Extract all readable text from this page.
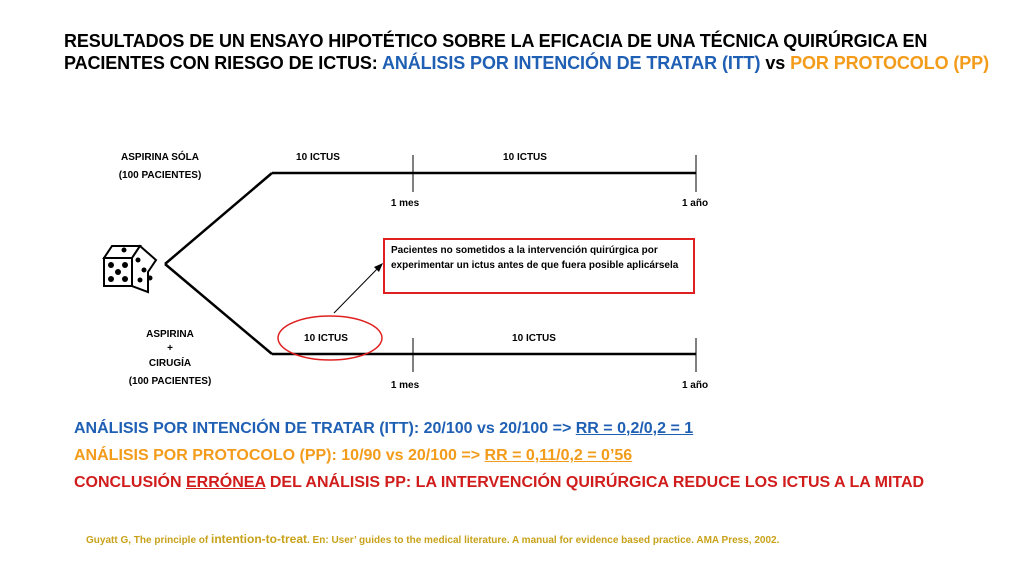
RESULTADOS DE UN ENSAYO HIPOTÉTICO SOBRE LA EFICACIA DE UNA TÉCNICA QUIRÚRGICA EN PACIENTES CON RIESGO DE ICTUS: ANÁLISIS POR INTENCIÓN DE TRATAR (ITT) vs POR PROTOCOLO (PP)
ASPIRINA SÓLA
(100 PACIENTES)
10 ICTUS	10 ICTUS
1 mes	1 año
Pacientes no sometidos a la intervención quirúrgica por experimentar un ictus antes de que fuera posible aplicársela
ASPIRINA
+
CIRUGÍA
(100 PACIENTES)
10 ICTUS	10 ICTUS
1 mes	1 año
ANÁLISIS POR INTENCIÓN DE TRATAR (ITT): 20/100 vs 20/100 => RR = 0,2/0,2 = 1
ANÁLISIS POR PROTOCOLO (PP): 10/90 vs 20/100 => RR = 0,11/0,2 = 0’56
CONCLUSIÓN ERRÓNEA DEL ANÁLISIS PP: LA INTERVENCIÓN QUIRÚRGICA REDUCE LOS ICTUS A LA MITAD
Guyatt G, The principle of intention-to-treat. En: User’ guides to the medical literature. A manual for evidence based practice. AMA Press, 2002.
